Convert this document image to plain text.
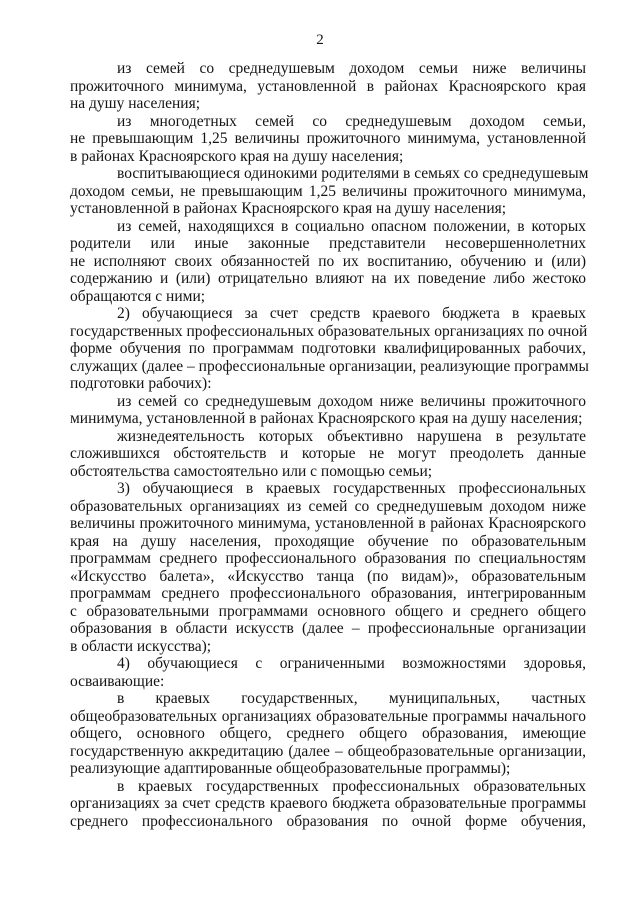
2
из семей со среднедушевым доходом семьи ниже величины
прожиточного минимума, установленной в районах Красноярского края
на душу населения;
из многодетных семей со среднедушевым доходом семьи,
не превышающим 1,25 величины прожиточного минимума, установленной
в районах Красноярского края на душу населения;
воспитывающиеся одинокими родителями в семьях со среднедушевым
доходом семьи, не превышающим 1,25 величины прожиточного минимума,
установленной в районах Красноярского края на душу населения;
из семей, находящихся в социально опасном положении, в которых
родители или иные законные представители несовершеннолетних
не исполняют своих обязанностей по их воспитанию, обучению и (или)
содержанию и (или) отрицательно влияют на их поведение либо жестоко
обращаются с ними;
2) обучающиеся за счет средств краевого бюджета в краевых
государственных профессиональных образовательных организациях по очной
форме обучения по программам подготовки квалифицированных рабочих,
служащих (далее – профессиональные организации, реализующие программы
подготовки рабочих):
из семей со среднедушевым доходом ниже величины прожиточного
минимума, установленной в районах Красноярского края на душу населения;
жизнедеятельность которых объективно нарушена в результате
сложившихся обстоятельств и которые не могут преодолеть данные
обстоятельства самостоятельно или с помощью семьи;
3) обучающиеся в краевых государственных профессиональных
образовательных организациях из семей со среднедушевым доходом ниже
величины прожиточного минимума, установленной в районах Красноярского
края на душу населения, проходящие обучение по образовательным
программам среднего профессионального образования по специальностям
«Искусство балета», «Искусство танца (по видам)», образовательным
программам среднего профессионального образования, интегрированным
с образовательными программами основного общего и среднего общего
образования в области искусств (далее – профессиональные организации
в области искусства);
4) обучающиеся с ограниченными возможностями здоровья,
осваивающие:
в краевых государственных, муниципальных, частных
общеобразовательных организациях образовательные программы начального
общего, основного общего, среднего общего образования, имеющие
государственную аккредитацию (далее – общеобразовательные организации,
реализующие адаптированные общеобразовательные программы);
в краевых государственных профессиональных образовательных
организациях за счет средств краевого бюджета образовательные программы
среднего профессионального образования по очной форме обучения,
